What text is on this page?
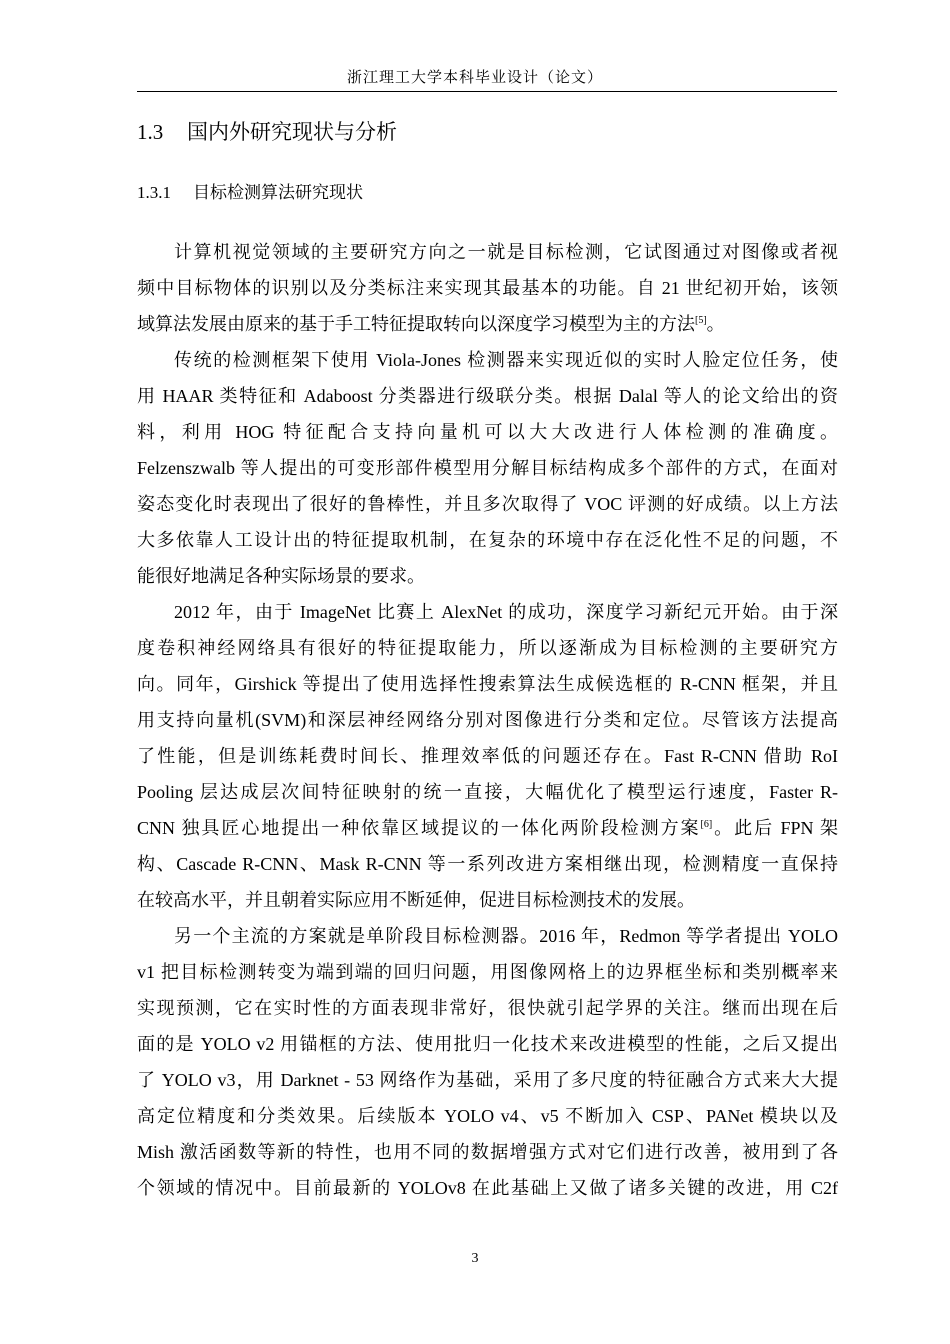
浙江理工大学本科毕业设计（论文）
1.3 国内外研究现状与分析
1.3.1 目标检测算法研究现状
计算机视觉领域的主要研究方向之一就是目标检测，它试图通过对图像或者视
频中目标物体的识别以及分类标注来实现其最基本的功能。自 21 世纪初开始，该领
域算法发展由原来的基于手工特征提取转向以深度学习模型为主的方法[5]。
传统的检测框架下使用 Viola-Jones 检测器来实现近似的实时人脸定位任务，使
用 HAAR 类特征和 Adaboost 分类器进行级联分类。根据 Dalal 等人的论文给出的资
料，利用 HOG 特征配合支持向量机可以大大改进行人体检测的准确度。
Felzenszwalb 等人提出的可变形部件模型用分解目标结构成多个部件的方式，在面对
姿态变化时表现出了很好的鲁棒性，并且多次取得了 VOC 评测的好成绩。以上方法
大多依靠人工设计出的特征提取机制，在复杂的环境中存在泛化性不足的问题，不
能很好地满足各种实际场景的要求。
2012 年，由于 ImageNet 比赛上 AlexNet 的成功，深度学习新纪元开始。由于深
度卷积神经网络具有很好的特征提取能力，所以逐渐成为目标检测的主要研究方
向。同年，Girshick 等提出了使用选择性搜索算法生成候选框的 R-CNN 框架，并且
用支持向量机(SVM)和深层神经网络分别对图像进行分类和定位。尽管该方法提高
了性能，但是训练耗费时间长、推理效率低的问题还存在。Fast R-CNN 借助 RoI
Pooling 层达成层次间特征映射的统一直接，大幅优化了模型运行速度，Faster R-
CNN 独具匠心地提出一种依靠区域提议的一体化两阶段检测方案[6]。此后 FPN 架
构、Cascade R-CNN、Mask R-CNN 等一系列改进方案相继出现，检测精度一直保持
在较高水平，并且朝着实际应用不断延伸，促进目标检测技术的发展。
另一个主流的方案就是单阶段目标检测器。2016 年，Redmon 等学者提出 YOLO
v1 把目标检测转变为端到端的回归问题，用图像网格上的边界框坐标和类别概率来
实现预测，它在实时性的方面表现非常好，很快就引起学界的关注。继而出现在后
面的是 YOLO v2 用锚框的方法、使用批归一化技术来改进模型的性能，之后又提出
了 YOLO v3，用 Darknet - 53 网络作为基础，采用了多尺度的特征融合方式来大大提
高定位精度和分类效果。后续版本 YOLO v4、v5 不断加入 CSP、PANet 模块以及
Mish 激活函数等新的特性，也用不同的数据增强方式对它们进行改善，被用到了各
个领域的情况中。目前最新的 YOLOv8 在此基础上又做了诸多关键的改进，用 C2f
3
